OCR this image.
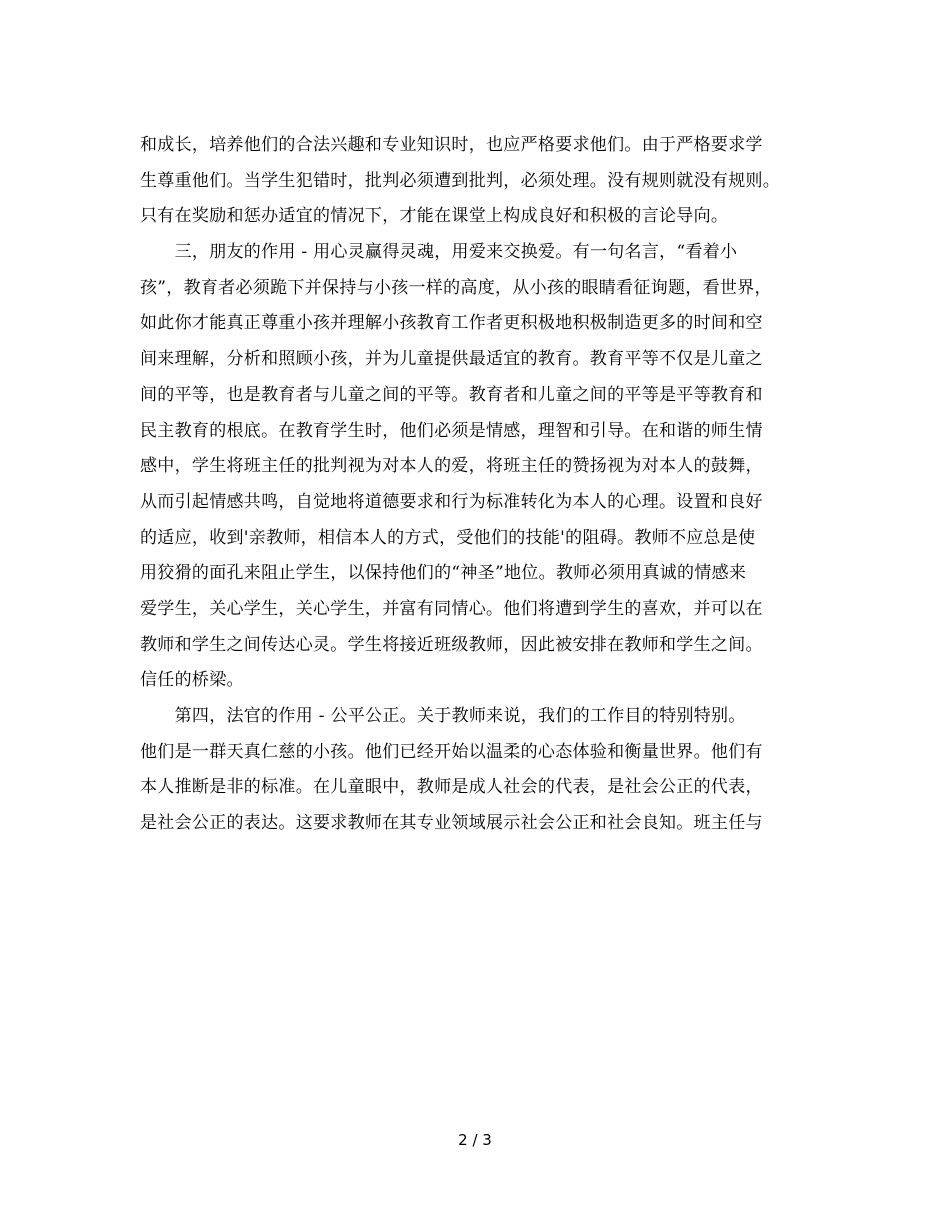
和成长，培养他们的合法兴趣和专业知识时，也应严格要求他们。由于严格要求学
生尊重他们。当学生犯错时，批判必须遭到批判，必须处理。没有规则就没有规则。
只有在奖励和惩办适宜的情况下，才能在课堂上构成良好和积极的言论导向。
　　三，朋友的作用 - 用心灵赢得灵魂，用爱来交换爱。有一句名言，“看着小
孩”，教育者必须跪下并保持与小孩一样的高度，从小孩的眼睛看征询题，看世界，
如此你才能真正尊重小孩并理解小孩教育工作者更积极地积极制造更多的时间和空
间来理解，分析和照顾小孩，并为儿童提供最适宜的教育。教育平等不仅是儿童之
间的平等，也是教育者与儿童之间的平等。教育者和儿童之间的平等是平等教育和
民主教育的根底。在教育学生时，他们必须是情感，理智和引导。在和谐的师生情
感中，学生将班主任的批判视为对本人的爱，将班主任的赞扬视为对本人的鼓舞，
从而引起情感共鸣，自觉地将道德要求和行为标准转化为本人的心理。设置和良好
的适应，收到'亲教师，相信本人的方式，受他们的技能'的阻碍。教师不应总是使
用狡猾的面孔来阻止学生，以保持他们的“神圣”地位。教师必须用真诚的情感来
爱学生，关心学生，关心学生，并富有同情心。他们将遭到学生的喜欢，并可以在
教师和学生之间传达心灵。学生将接近班级教师，因此被安排在教师和学生之间。
信任的桥梁。
　　第四，法官的作用 - 公平公正。关于教师来说，我们的工作目的特别特别。
他们是一群天真仁慈的小孩。他们已经开始以温柔的心态体验和衡量世界。他们有
本人推断是非的标准。在儿童眼中，教师是成人社会的代表，是社会公正的代表，
是社会公正的表达。这要求教师在其专业领域展示社会公正和社会良知。班主任与
2 / 3
